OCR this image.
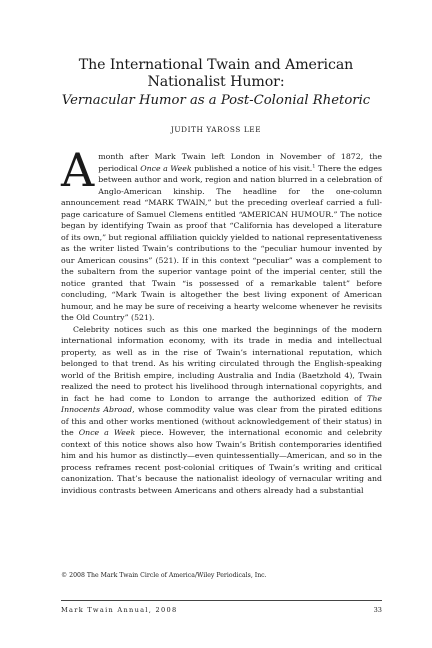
The International Twain and American
Nationalist Humor:
Vernacular Humor as a Post-Colonial Rhetoric
JUDITH YAROSS LEE

Amonth after Mark Twain left London in November of 1872, the periodical Once a Week published a notice of his visit.$^1$ There the edges between author and work, region and nation blurred in a celebration of Anglo-American kinship. The headline for the one-column announcement read “MARK TWAIN,” but the preceding overleaf carried a full-page caricature of Samuel Clemens entitled “AMERICAN HUMOUR.” The notice began by identifying Twain as proof that “California has developed a literature of its own,” but regional affiliation quickly yielded to national representativeness as the writer listed Twain’s contributions to the “peculiar humour invented by our American cousins” (521). If in this context “peculiar” was a complement to the subaltern from the superior vantage point of the imperial center, still the notice granted that Twain “is possessed of a remarkable talent” before concluding, “Mark Twain is altogether the best living exponent of American humour, and he may be sure of receiving a hearty welcome whenever he revisits the Old Country” (521).

Celebrity notices such as this one marked the beginnings of the modern international information economy, with its trade in media and intellectual property, as well as in the rise of Twain’s international reputation, which belonged to that trend. As his writing circulated through the English-speaking world of the British empire, including Australia and India (Baetzhold 4), Twain realized the need to protect his livelihood through international copyrights, and in fact he had come to London to arrange the authorized edition of The Innocents Abroad, whose commodity value was clear from the pirated editions of this and other works mentioned (without acknowledgement of their status) in the Once a Week piece. However, the international economic and celebrity context of this notice shows also how Twain’s British contemporaries identified him and his humor as distinctly—even quintessentially—American, and so in the process reframes recent post-colonial critiques of Twain’s writing and critical canonization. That’s because the nationalist ideology of vernacular writing and invidious contrasts between Americans and others already had a substantial

© 2008 The Mark Twain Circle of America/Wiley Periodicals, Inc.
Mark Twain Annual, 2008	33
